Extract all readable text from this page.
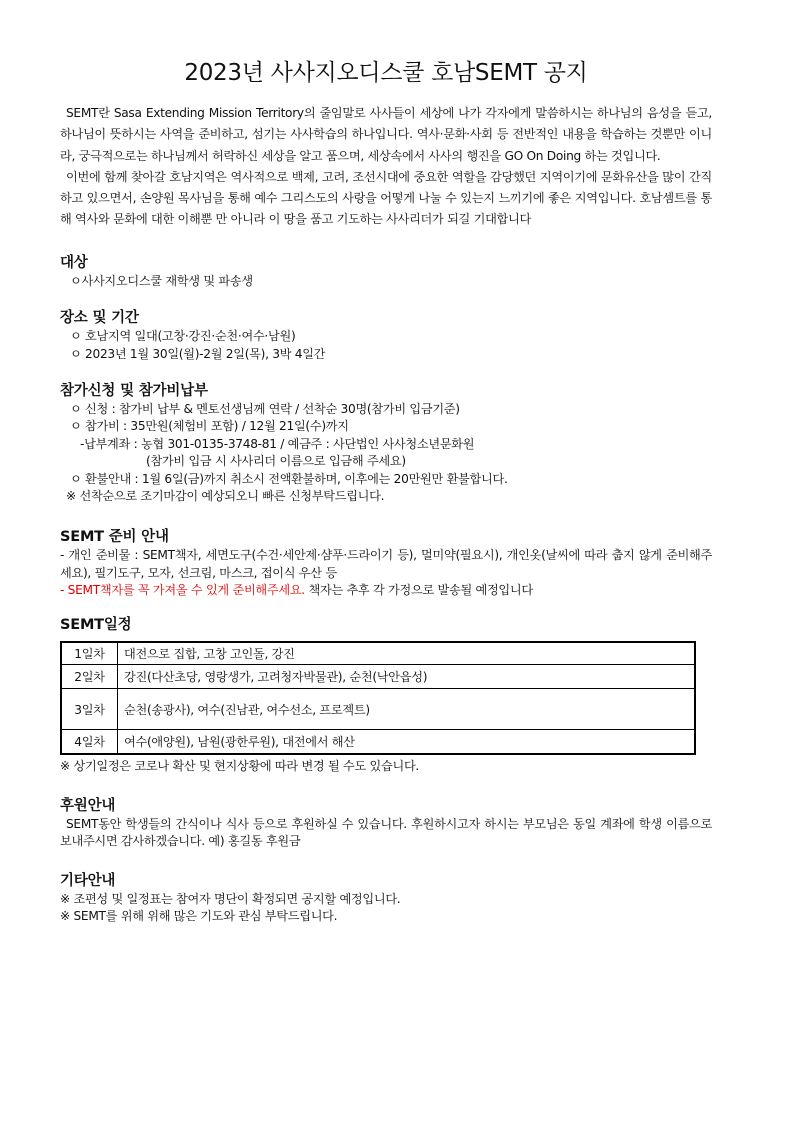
2023년 사사지오디스쿨 호남SEMT 공지

SEMT란 Sasa Extending Mission Territory의 줄임말로 사사들이 세상에 나가 각자에게 말씀하시는 하나님의 음성을 듣고, 하나님이 뜻하시는 사역을 준비하고, 섬기는 사사학습의 하나입니다. 역사·문화·사회 등 전반적인 내용을 학습하는 것뿐만 이니라, 궁극적으로는 하나님께서 허락하신 세상을 알고 품으며, 세상속에서 사사의 행진을 GO On Doing 하는 것입니다.

이번에 함께 찾아갈 호남지역은 역사적으로 백제, 고려, 조선시대에 중요한 역할을 감당했던 지역이기에 문화유산을 많이 간직하고 있으면서, 손양원 목사님을 통해 예수 그리스도의 사랑을 어떻게 나눌 수 있는지 느끼기에 좋은 지역입니다. 호남셈트를 통해 역사와 문화에 대한 이해뿐 만 아니라 이 땅을 품고 기도하는 사사리더가 되길 기대합니다

대상
ㅇ사사지오디스쿨 재학생 및 파송생
장소 및 기간
ㅇ 호남지역 일대(고창·강진·순천·여수·남원)
ㅇ 2023년 1월 30일(월)-2월 2일(목), 3박 4일간
참가신청 및 참가비납부
ㅇ 신청 : 참가비 납부 & 멘토선생님께 연락 / 선착순 30명(참가비 입금기준)
ㅇ 참가비 : 35만원(체험비 포함) / 12월 21일(수)까지
-납부계좌 : 농협 301-0135-3748-81 / 예금주 : 사단법인 사사청소년문화원
(참가비 입금 시 사사리더 이름으로 입금해 주세요)
ㅇ 환불안내 : 1월 6일(금)까지 취소시 전액환불하며, 이후에는 20만원만 환불합니다.
※ 선착순으로 조기마감이 예상되오니 빠른 신청부탁드립니다.
SEMT 준비 안내
- 개인 준비물 : SEMT책자, 세면도구(수건·세안제·샴푸·드라이기 등), 멀미약(필요시), 개인옷(날씨에 따라 춥지 않게 준비해주세요), 필기도구, 모자, 선크림, 마스크, 접이식 우산 등
- SEMT책자를 꼭 가져올 수 있게 준비해주세요. 책자는 추후 각 가정으로 발송될 예정입니다
SEMT일정
1일차	대전으로 집합, 고창 고인돌, 강진
2일차	강진(다산초당, 영랑생가, 고려청자박물관), 순천(낙안읍성)
3일차	순천(송광사), 여수(진남관, 여수선소, 프로젝트)
4일차	여수(애양원), 남원(광한루원), 대전에서 해산
※ 상기일정은 코로나 확산 및 현지상황에 따라 변경 될 수도 있습니다.
후원안내
SEMT동안 학생들의 간식이나 식사 등으로 후원하실 수 있습니다. 후원하시고자 하시는 부모님은 동일 계좌에 학생 이름으로 보내주시면 감사하겠습니다. 예) 홍길동 후원금
기타안내
※ 조편성 및 일정표는 참여자 명단이 확정되면 공지할 예정입니다.
※ SEMT를 위해 위해 많은 기도와 관심 부탁드립니다.
